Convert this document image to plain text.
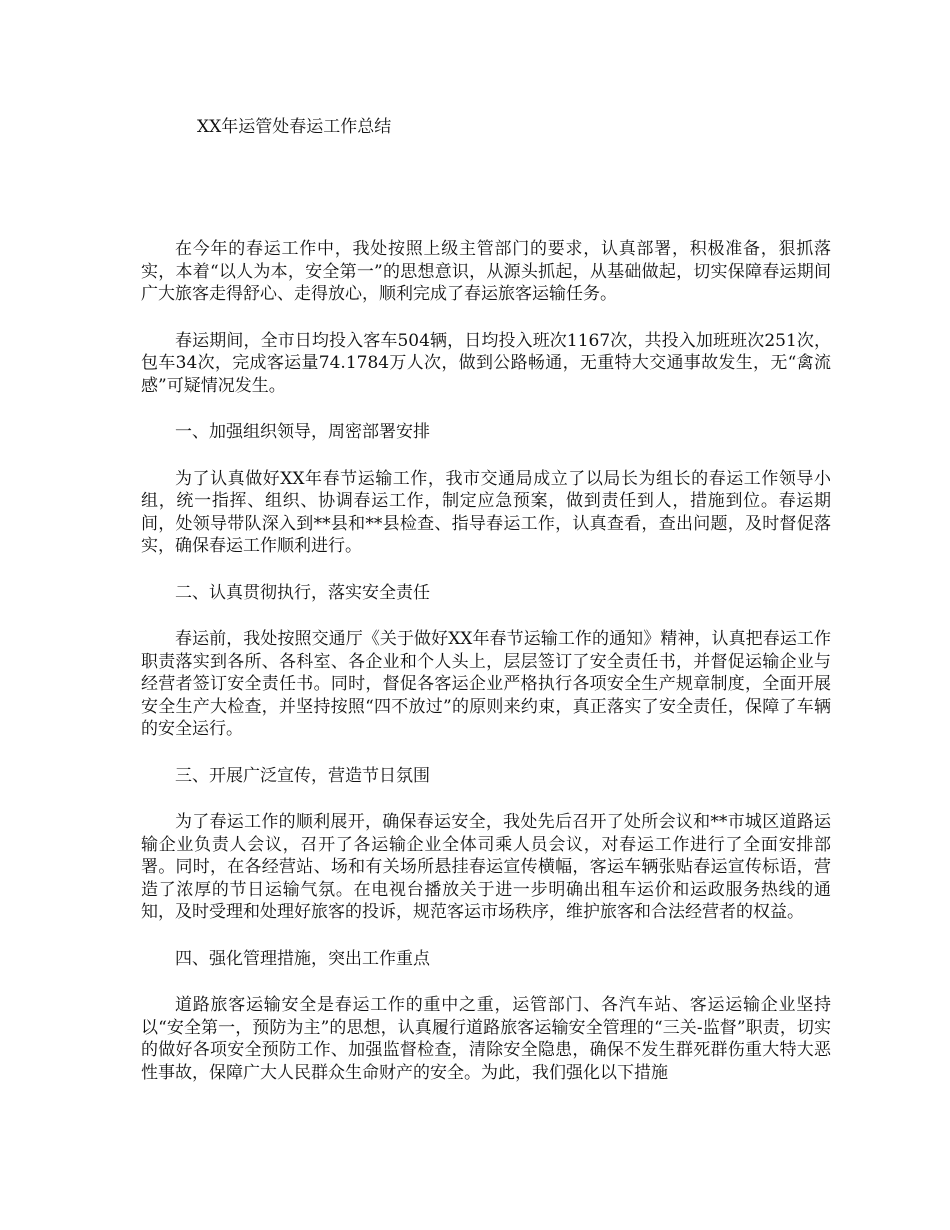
XX年运管处春运工作总结

在今年的春运工作中，我处按照上级主管部门的要求，认真部署，积极准备，狠抓落实，本着“以人为本，安全第一”的思想意识，从源头抓起，从基础做起，切实保障春运期间广大旅客走得舒心、走得放心，顺利完成了春运旅客运输任务。

春运期间，全市日均投入客车504辆，日均投入班次1167次，共投入加班班次251次，包车34次，完成客运量74.1784万人次，做到公路畅通，无重特大交通事故发生，无“禽流感”可疑情况发生。

一、加强组织领导，周密部署安排

为了认真做好XX年春节运输工作，我市交通局成立了以局长为组长的春运工作领导小组，统一指挥、组织、协调春运工作，制定应急预案，做到责任到人，措施到位。春运期间，处领导带队深入到**县和**县检查、指导春运工作，认真查看，查出问题，及时督促落实，确保春运工作顺利进行。

二、认真贯彻执行，落实安全责任

春运前，我处按照交通厅《关于做好XX年春节运输工作的通知》精神，认真把春运工作职责落实到各所、各科室、各企业和个人头上，层层签订了安全责任书，并督促运输企业与经营者签订安全责任书。同时，督促各客运企业严格执行各项安全生产规章制度，全面开展安全生产大检查，并坚持按照“四不放过”的原则来约束，真正落实了安全责任，保障了车辆的安全运行。

三、开展广泛宣传，营造节日氛围

为了春运工作的顺利展开，确保春运安全，我处先后召开了处所会议和**市城区道路运输企业负责人会议，召开了各运输企业全体司乘人员会议，对春运工作进行了全面安排部署。同时，在各经营站、场和有关场所悬挂春运宣传横幅，客运车辆张贴春运宣传标语，营造了浓厚的节日运输气氛。在电视台播放关于进一步明确出租车运价和运政服务热线的通知，及时受理和处理好旅客的投诉，规范客运市场秩序，维护旅客和合法经营者的权益。

四、强化管理措施，突出工作重点

道路旅客运输安全是春运工作的重中之重，运管部门、各汽车站、客运运输企业坚持以“安全第一，预防为主”的思想，认真履行道路旅客运输安全管理的“三关-监督”职责，切实的做好各项安全预防工作、加强监督检查，清除安全隐患，确保不发生群死群伤重大特大恶性事故，保障广大人民群众生命财产的安全。为此，我们强化以下措施
